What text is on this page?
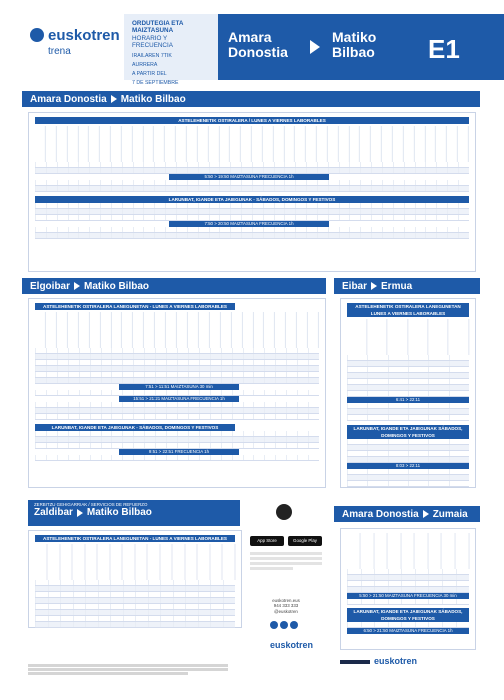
euskotren
trena
ORDUTEGIA ETA
MAIZTASUNA
HORARIO Y
FRECUENCIA
IRAILAREN 7TIK
AURRERA
A PARTIR DEL
7 DE SEPTIEMBRE
Amara
Donostia
Matiko
Bilbao E1
Amara Donostia Matiko Bilbao
ASTELEHENETIK OSTIRALERA / LUNES A VIERNES LABORABLES
5:50 > 19:50 MAIZTASUNA FRECUENCIA 1h
LARUNBAT, IGANDE ETA JAIEGUNAK - SÁBADOS, DOMINGOS Y FESTIVOS
7:50 > 20:50 MAIZTASUNA FRECUENCIA 1h
Elgoibar Matiko Bilbao
ASTELEHENETIK OSTIRALERA LANEGUNETAN - LUNES A VIERNES LABORABLES
7:51 > 11:51 MAIZTASUNA 30 min
15:51 > 21:21 MAIZTASUNA FRECUENCIA 1h
LARUNBAT, IGANDE ETA JAIEGUNAK - SÁBADOS, DOMINGOS Y FESTIVOS
9:51 > 22:51 FRECUENCIA 1h
Eibar Ermua
ASTELEHENETIK OSTIRALERA LANEGUNETAN LUNES A VIERNES LABORABLES
6:41 > 22:11
LARUNBAT, IGANDE ETA JAIEGUNAK SÁBADOS, DOMINGOS Y FESTIVOS
8:03 > 22:11
ZERBITZU GEHIGARRIAK / SERVICIOS DE REFUERZO
Zaldibar Matiko Bilbao
ASTELEHENETIK OSTIRALERA LANEGUNETAN - LUNES A VIERNES LABORABLES	App Store	Google Play
euskotren.eus
944 333 333
@euskotren
euskotren
Amara Donostia Zumaia
5:50 > 21:50 MAIZTASUNA FRECUENCIA 30 min
LARUNBAT, IGANDE ETA JAIEGUNAK SÁBADOS, DOMINGOS Y FESTIVOS
6:50 > 21:50 MAIZTASUNA FRECUENCIA 1h
euskotren
